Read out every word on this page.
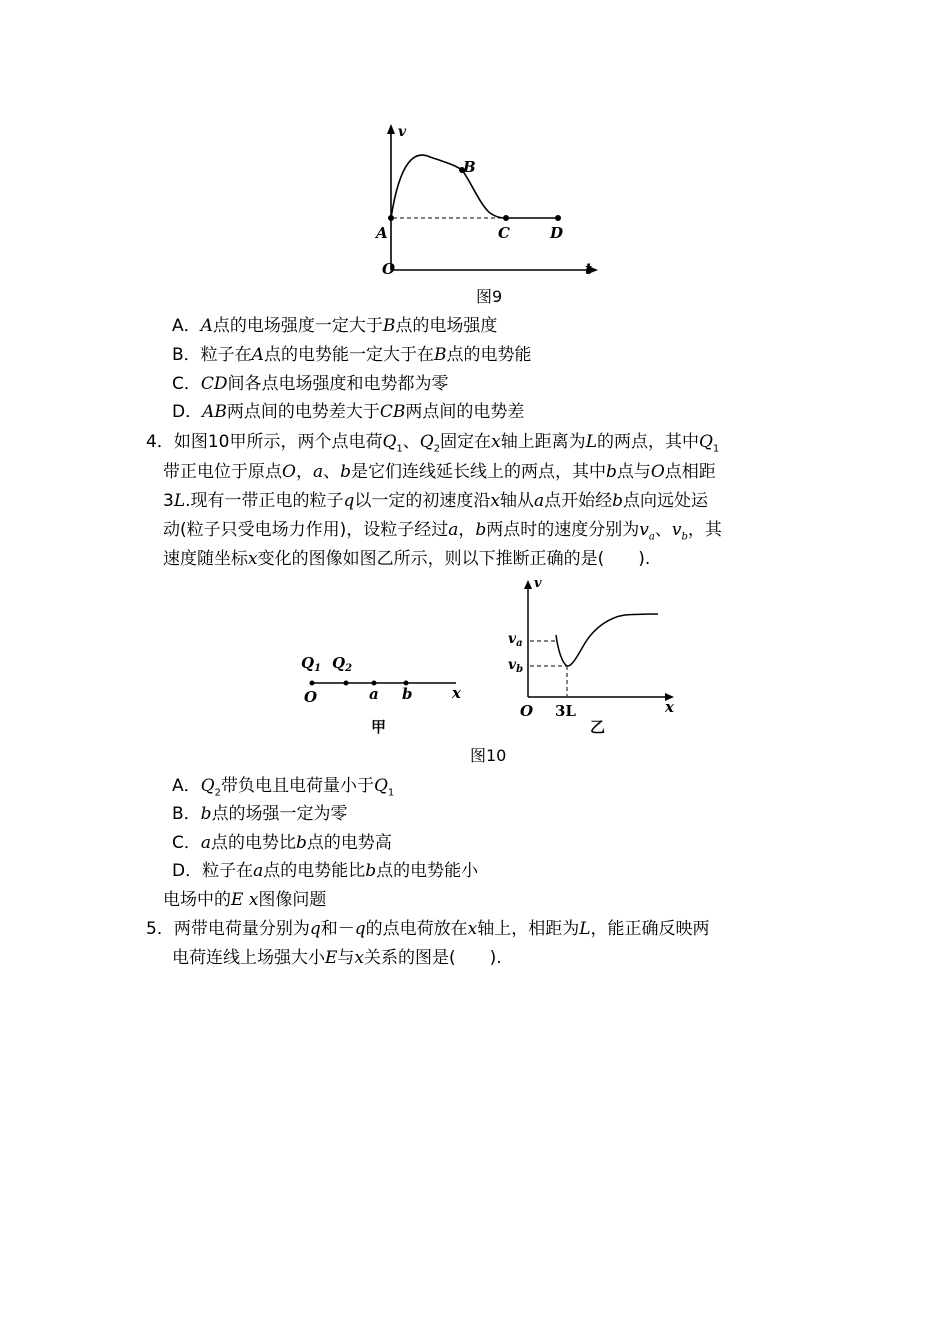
v
B
A	C	D
O	t
图9
A．A点的电场强度一定大于B点的电场强度
B．粒子在A点的电势能一定大于在B点的电势能
C．CD间各点电场强度和电势都为零
D．AB两点间的电势差大于CB两点间的电势差
4．如图10甲所示，两个点电荷$Q_1$、$Q_2$固定在x轴上距离为L的两点，其中$Q_1$
带正电位于原点O，a、b是它们连线延长线上的两点，其中b点与O点相距
3L.现有一带正电的粒子q以一定的初速度沿x轴从a点开始经b点向远处运
动(粒子只受电场力作用)，设粒子经过a，b两点时的速度分别为$v_a$、$v_b$，其
速度随坐标x变化的图像如图乙所示，则以下推断正确的是(　　).
$Q_1$ $Q_2$
O	a b	x
甲
v
$v_a$
$v_b$
O 3L	x
乙
图10
A．$Q_2$带负电且电荷量小于$Q_1$
B．b点的场强一定为零
C．a点的电势比b点的电势高
D．粒子在a点的电势能比b点的电势能小
电场中的E x图像问题
5．两带电荷量分别为q和－q的点电荷放在x轴上，相距为L，能正确反映两
电荷连线上场强大小E与x关系的图是(　　).
